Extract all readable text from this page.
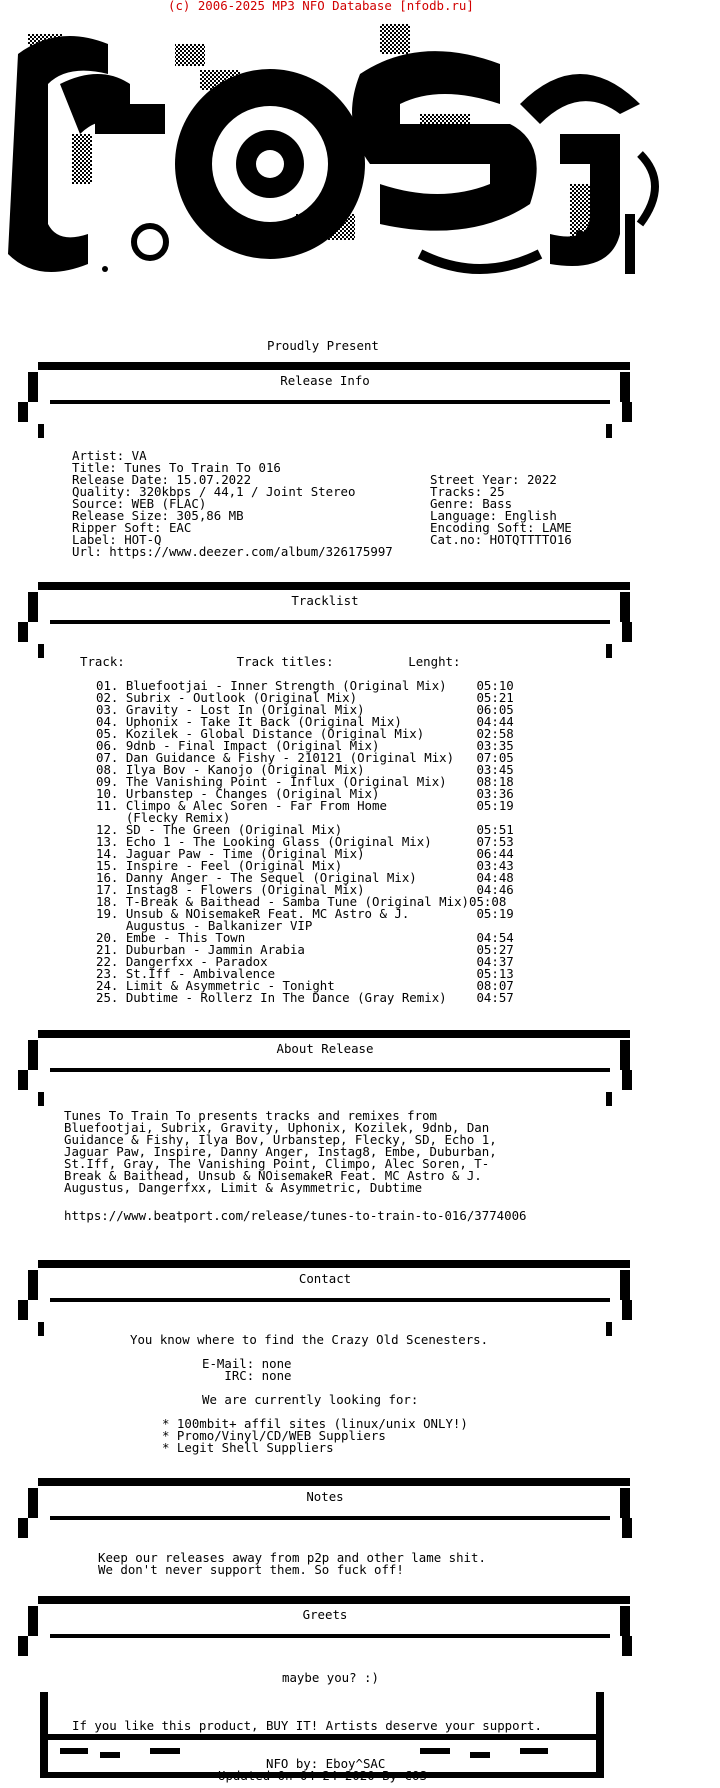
(c) 2006-2025 MP3 NFO Database [nfodb.ru]
Proudly Present
Release Info
Artist: VA
Title: Tunes To Train To 016
Release Date: 15.07.2022
Quality: 320kbps / 44,1 / Joint Stereo
Source: WEB (FLAC)
Release Size: 305,86 MB
Ripper Soft: EAC
Label: HOT-Q
Url: https://www.deezer.com/album/326175997
Street Year: 2022
Tracks: 25
Genre: Bass
Language: English
Encoding Soft: LAME
Cat.no: HOTQTTTTO16
Tracklist
Track:               Track titles:          Lenght:
01. Bluefootjai - Inner Strength (Original Mix)    05:10
02. Subrix - Outlook (Original Mix)                05:21
03. Gravity - Lost In (Original Mix)               06:05
04. Uphonix - Take It Back (Original Mix)          04:44
05. Kozilek - Global Distance (Original Mix)       02:58
06. 9dnb - Final Impact (Original Mix)             03:35
07. Dan Guidance & Fishy - 210121 (Original Mix)   07:05
08. Ilya Bov - Kanojo (Original Mix)               03:45
09. The Vanishing Point - Influx (Original Mix)    08:18
10. Urbanstep - Changes (Original Mix)             03:36
11. Climpo & Alec Soren - Far From Home            05:19
(Flecky Remix)
12. SD - The Green (Original Mix)                  05:51
13. Echo 1 - The Looking Glass (Original Mix)      07:53
14. Jaguar Paw - Time (Original Mix)               06:44
15. Inspire - Feel (Original Mix)                  03:43
16. Danny Anger - The Sequel (Original Mix)        04:48
17. Instag8 - Flowers (Original Mix)               04:46
18. T-Break & Baithead - Samba Tune (Original Mix)05:08
19. Unsub & NOisemakeR Feat. MC Astro & J.         05:19
Augustus - Balkanizer VIP
20. Embe - This Town                               04:54
21. Duburban - Jammin Arabia                       05:27
22. Dangerfxx - Paradox                            04:37
23. St.Iff - Ambivalence                           05:13
24. Limit & Asymmetric - Tonight                   08:07
25. Dubtime - Rollerz In The Dance (Gray Remix)    04:57
About Release
Tunes To Train To presents tracks and remixes from
Bluefootjai, Subrix, Gravity, Uphonix, Kozilek, 9dnb, Dan
Guidance & Fishy, Ilya Bov, Urbanstep, Flecky, SD, Echo 1,
Jaguar Paw, Inspire, Danny Anger, Instag8, Embe, Duburban,
St.Iff, Gray, The Vanishing Point, Climpo, Alec Soren, T-
Break & Baithead, Unsub & NOisemakeR Feat. MC Astro & J.
Augustus, Dangerfxx, Limit & Asymmetric, Dubtime
https://www.beatport.com/release/tunes-to-train-to-016/3774006
Contact
You know where to find the Crazy Old Scenesters.
E-Mail: none
IRC: none
We are currently looking for:
* 100mbit+ affil sites (linux/unix ONLY!)
* Promo/Vinyl/CD/WEB Suppliers
* Legit Shell Suppliers
Notes
Keep our releases away from p2p and other lame shit.
We don't never support them. So fuck off!
Greets
maybe you? :)
If you like this product, BUY IT! Artists deserve your support.
NFO by: Eboy^SAC
Updated On 04-24-2020 By COS
